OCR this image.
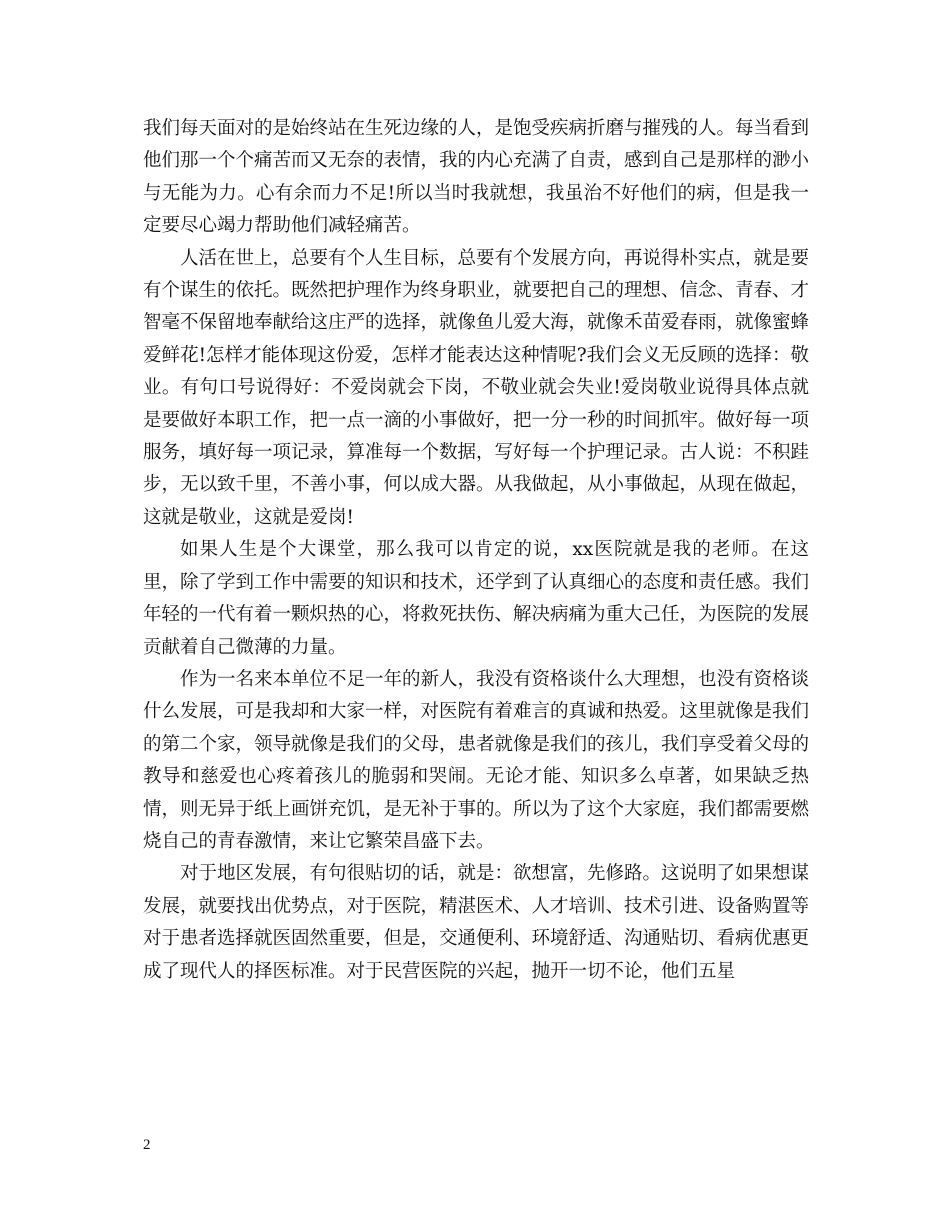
我们每天面对的是始终站在生死边缘的人，是饱受疾病折磨与摧残的人。每当看到他们那一个个痛苦而又无奈的表情，我的内心充满了自责，感到自己是那样的渺小与无能为力。心有余而力不足!所以当时我就想，我虽治不好他们的病，但是我一定要尽心竭力帮助他们减轻痛苦。

人活在世上，总要有个人生目标，总要有个发展方向，再说得朴实点，就是要有个谋生的依托。既然把护理作为终身职业，就要把自己的理想、信念、青春、才智毫不保留地奉献给这庄严的选择，就像鱼儿爱大海，就像禾苗爱春雨，就像蜜蜂爱鲜花!怎样才能体现这份爱，怎样才能表达这种情呢?我们会义无反顾的选择：敬业。有句口号说得好：不爱岗就会下岗，不敬业就会失业!爱岗敬业说得具体点就是要做好本职工作，把一点一滴的小事做好，把一分一秒的时间抓牢。做好每一项服务，填好每一项记录，算准每一个数据，写好每一个护理记录。古人说：不积跬步，无以致千里，不善小事，何以成大器。从我做起，从小事做起，从现在做起，这就是敬业，这就是爱岗!

如果人生是个大课堂，那么我可以肯定的说，xx医院就是我的老师。在这里，除了学到工作中需要的知识和技术，还学到了认真细心的态度和责任感。我们年轻的一代有着一颗炽热的心，将救死扶伤、解决病痛为重大己任，为医院的发展贡献着自己微薄的力量。

作为一名来本单位不足一年的新人，我没有资格谈什么大理想，也没有资格谈什么发展，可是我却和大家一样，对医院有着难言的真诚和热爱。这里就像是我们的第二个家，领导就像是我们的父母，患者就像是我们的孩儿，我们享受着父母的教导和慈爱也心疼着孩儿的脆弱和哭闹。无论才能、知识多么卓著，如果缺乏热情，则无异于纸上画饼充饥，是无补于事的。所以为了这个大家庭，我们都需要燃烧自己的青春激情，来让它繁荣昌盛下去。

对于地区发展，有句很贴切的话，就是：欲想富，先修路。这说明了如果想谋发展，就要找出优势点，对于医院，精湛医术、人才培训、技术引进、设备购置等对于患者选择就医固然重要，但是，交通便利、环境舒适、沟通贴切、看病优惠更成了现代人的择医标准。对于民营医院的兴起，抛开一切不论，他们五星

2
